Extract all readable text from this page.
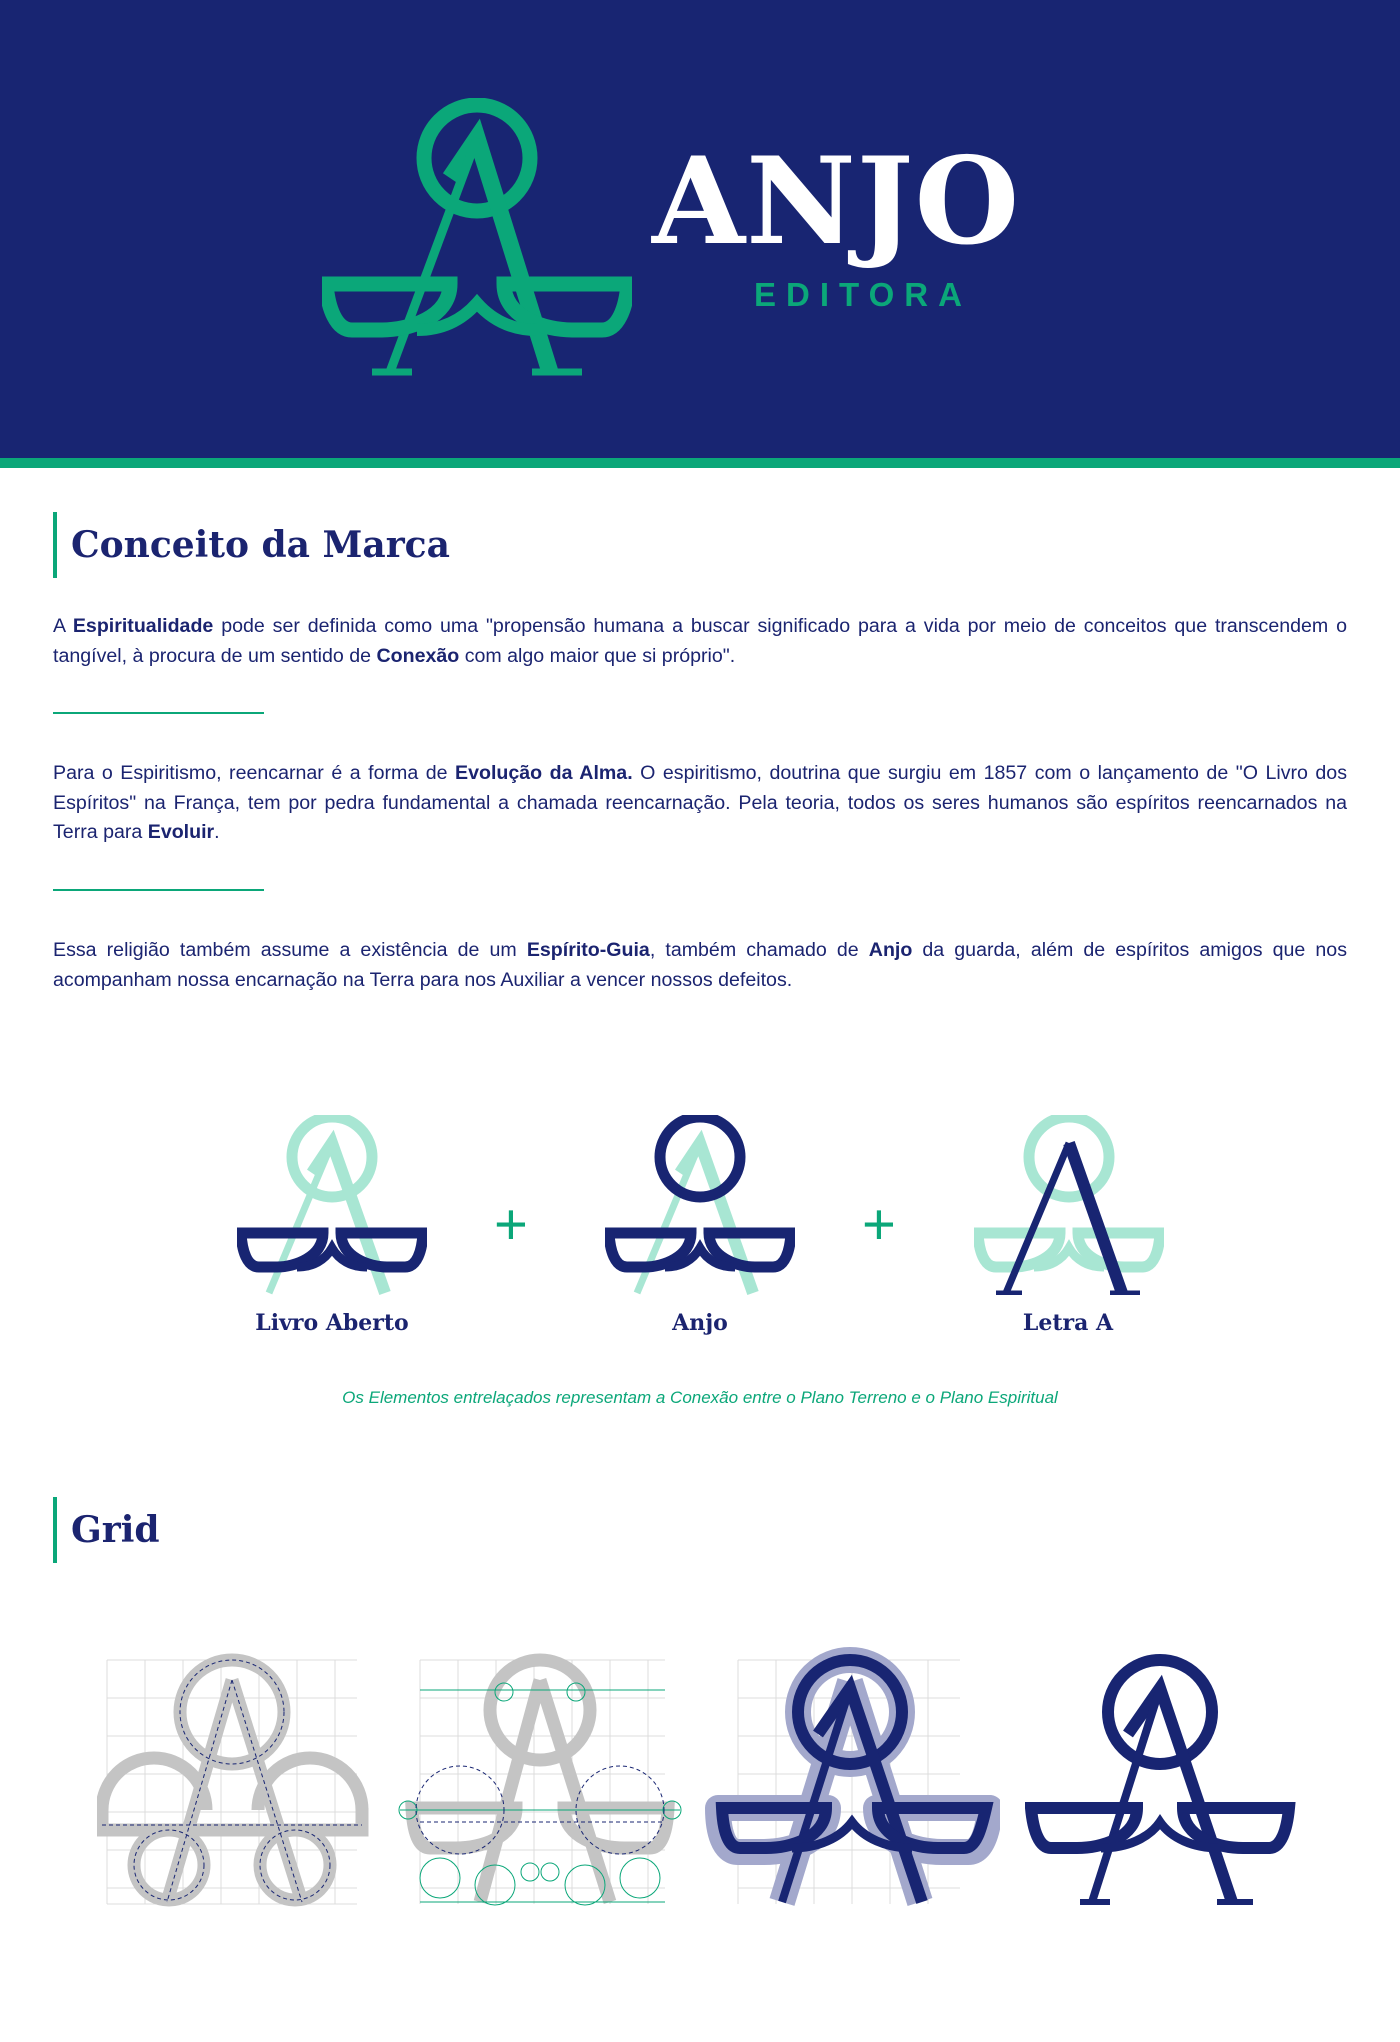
ANJO
EDITORA
Conceito da Marca

A Espiritualidade pode ser definida como uma "propensão humana a buscar significado para a vida por meio de conceitos que transcendem o tangível, à procura de um sentido de Conexão com algo maior que si próprio".

Para o Espiritismo, reencarnar é a forma de Evolução da Alma. O espiritismo, doutrina que surgiu em 1857 com o lançamento de "O Livro dos Espíritos" na França, tem por pedra fundamental a chamada reencarnação. Pela teoria, todos os seres humanos são espíritos reencarnados na Terra para Evoluir.

Essa religião também assume a existência de um Espírito-Guia, também chamado de Anjo da guarda, além de espíritos amigos que nos acompanham nossa encarnação na Terra para nos Auxiliar a vencer nossos defeitos.

Livro Aberto
+
Anjo
+
Letra A
Os Elementos entrelaçados representam a Conexão entre o Plano Terreno e o Plano Espiritual
Grid
